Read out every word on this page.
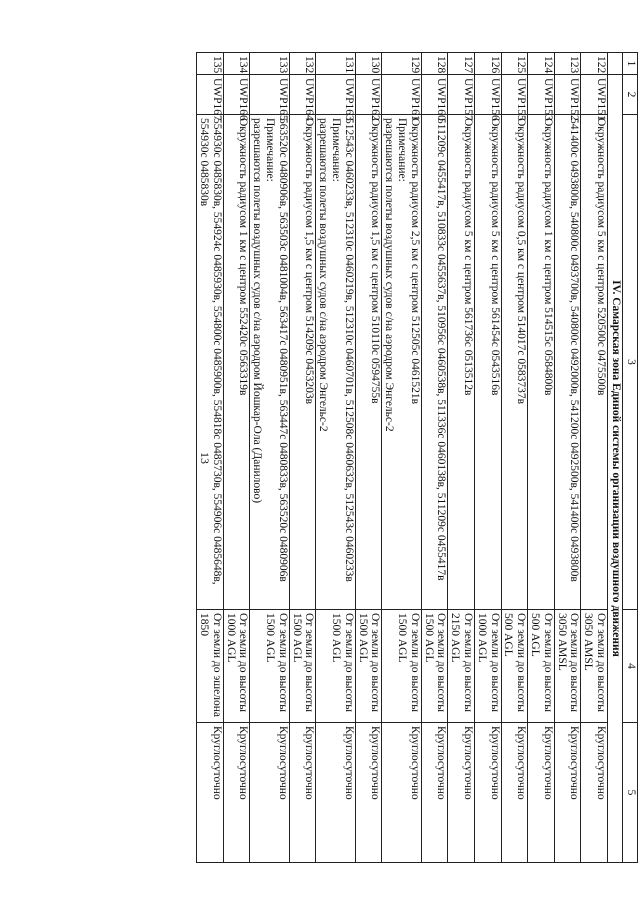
13
1	2	3	4	5
	IV. Самарская зона Единой системы организации воздушного движения			
122	UWP151	Окружность радиусом 5 км с центром 520500с 0475500в	От земли до высоты 3050 AMSL	Круглосуточно
123	UWP152	541400с 0493800в, 540800с 0493700в, 540800с 0492000в, 541200с 0492500в, 541400с 0493800в	От земли до высоты 3050 AMSL	Круглосуточно
124	UWP153	Окружность радиусом 1 км с центром 514515с 0584800в	От земли до высоты 500 AGL	Круглосуточно
125	UWP155	Окружность радиусом 0,5 км с центром 514017с 0583737в	От земли до высоты 500 AGL	Круглосуточно
126	UWP156	Окружность радиусом 5 км с центром 561454с 0543516в	От земли до высоты 1000 AGL	Круглосуточно
127	UWP157	Окружность радиусом 5 км с центром 561736с 0513512в	От земли до высоты 2150 AGL	Круглосуточно
128	UWP160	511209с 0455417в, 510833с 0455637в, 510956с 0460538в, 511336с 0460138в, 511209с 0455417в	От земли до высоты 1500 AGL	Круглосуточно
129	UWP161	Окружность радиусом 2,5 км с центром 512505с 0461521в
Примечание:
разрешаются полеты воздушных судов с/на аэродром Энгельс-2	От земли до высоты 1500 AGL	Круглосуточно
130	UWP162	Окружность радиусом 1,5 км с центром 510110с 0594755в	От земли до высоты 1500 AGL	Круглосуточно
131	UWP163	512543с 0460233в, 512310с 0460219в, 512310с 0460701в, 512508с 0460632в, 512543с 0460233в
Примечание:
разрешаются полеты воздушных судов с/на аэродром Энгельс-2	От земли до высоты 1500 AGL	Круглосуточно
132	UWP164	Окружность радиусом 1,5 км с центром 514209с 0453203в	От земли до высоты 1500 AGL	Круглосуточно
133	UWP165	563520с 0480906в, 563503с 0481004в, 563417с 0480951в, 563447с 0480833в, 563520с 0480906в
Примечание:
разрешаются полеты воздушных судов с/на аэродром Йошкар-Ола (Данилово)	От земли до высоты 1500 AGL	Круглосуточно
134	UWP166	Окружность радиусом 1 км с центром 552420с 0563319в	От земли до высоты 1000 AGL	Круглосуточно
135	UWP167	554930с 0485830в, 554924с 0485930в, 554800с 0485900в, 554818с 0485730в, 554906с 0485648в, 554930с 0485830в	От земли до эшелона 1850	Круглосуточно
